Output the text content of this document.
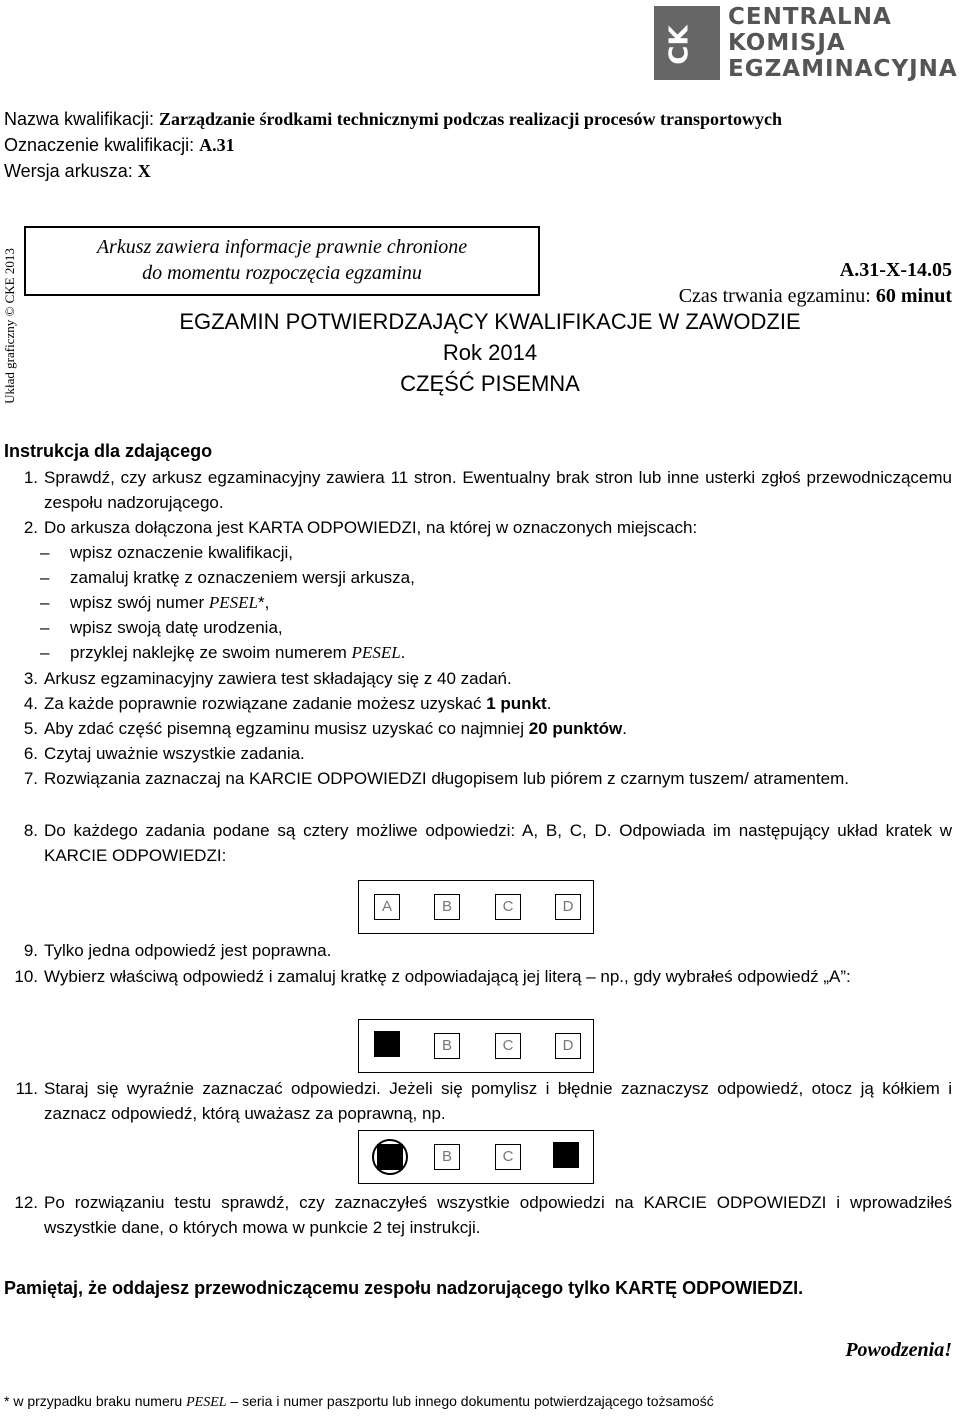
CK
CENTRALNA
KOMISJA
EGZAMINACYJNA
Nazwa kwalifikacji: Zarządzanie środkami technicznymi podczas realizacji procesów transportowych
Oznaczenie kwalifikacji: A.31
Wersja arkusza: X
Układ graficzny © CKE 2013
Arkusz zawiera informacje prawnie chronione
do momentu rozpoczęcia egzaminu	A.31-X-14.05
Czas trwania egzaminu: 60 minut
EGZAMIN POTWIERDZAJĄCY KWALIFIKACJE W ZAWODZIE
Rok 2014
CZĘŚĆ PISEMNA
Instrukcja dla zdającego
1. Sprawdź, czy arkusz egzaminacyjny zawiera 11 stron. Ewentualny brak stron lub inne usterki zgłoś przewodniczącemu zespołu nadzorującego.
2. Do arkusza dołączona jest KARTA ODPOWIEDZI, na której w oznaczonych miejscach:
– wpisz oznaczenie kwalifikacji,
– zamaluj kratkę z oznaczeniem wersji arkusza,
– wpisz swój numer PESEL*,
– wpisz swoją datę urodzenia,
– przyklej naklejkę ze swoim numerem PESEL.
3. Arkusz egzaminacyjny zawiera test składający się z 40 zadań.
4. Za każde poprawnie rozwiązane zadanie możesz uzyskać 1 punkt.
5. Aby zdać część pisemną egzaminu musisz uzyskać co najmniej 20 punktów.
6. Czytaj uważnie wszystkie zadania.
7. Rozwiązania zaznaczaj na KARCIE ODPOWIEDZI długopisem lub piórem z czarnym tuszem/ atramentem.
8. Do każdego zadania podane są cztery możliwe odpowiedzi: A, B, C, D. Odpowiada im następujący układ kratek w KARCIE ODPOWIEDZI:
A	B	C	D
9. Tylko jedna odpowiedź jest poprawna.
10. Wybierz właściwą odpowiedź i zamaluj kratkę z odpowiadającą jej literą – np., gdy wybrałeś odpowiedź „A”:
B	C	D
11. Staraj się wyraźnie zaznaczać odpowiedzi. Jeżeli się pomylisz i błędnie zaznaczysz odpowiedź, otocz ją kółkiem i zaznacz odpowiedź, którą uważasz za poprawną, np.
B	C
12. Po rozwiązaniu testu sprawdź, czy zaznaczyłeś wszystkie odpowiedzi na KARCIE ODPOWIEDZI i wprowadziłeś wszystkie dane, o których mowa w punkcie 2 tej instrukcji.
Pamiętaj, że oddajesz przewodniczącemu zespołu nadzorującego tylko KARTĘ ODPOWIEDZI.
Powodzenia!
* w przypadku braku numeru PESEL – seria i numer paszportu lub innego dokumentu potwierdzającego tożsamość
